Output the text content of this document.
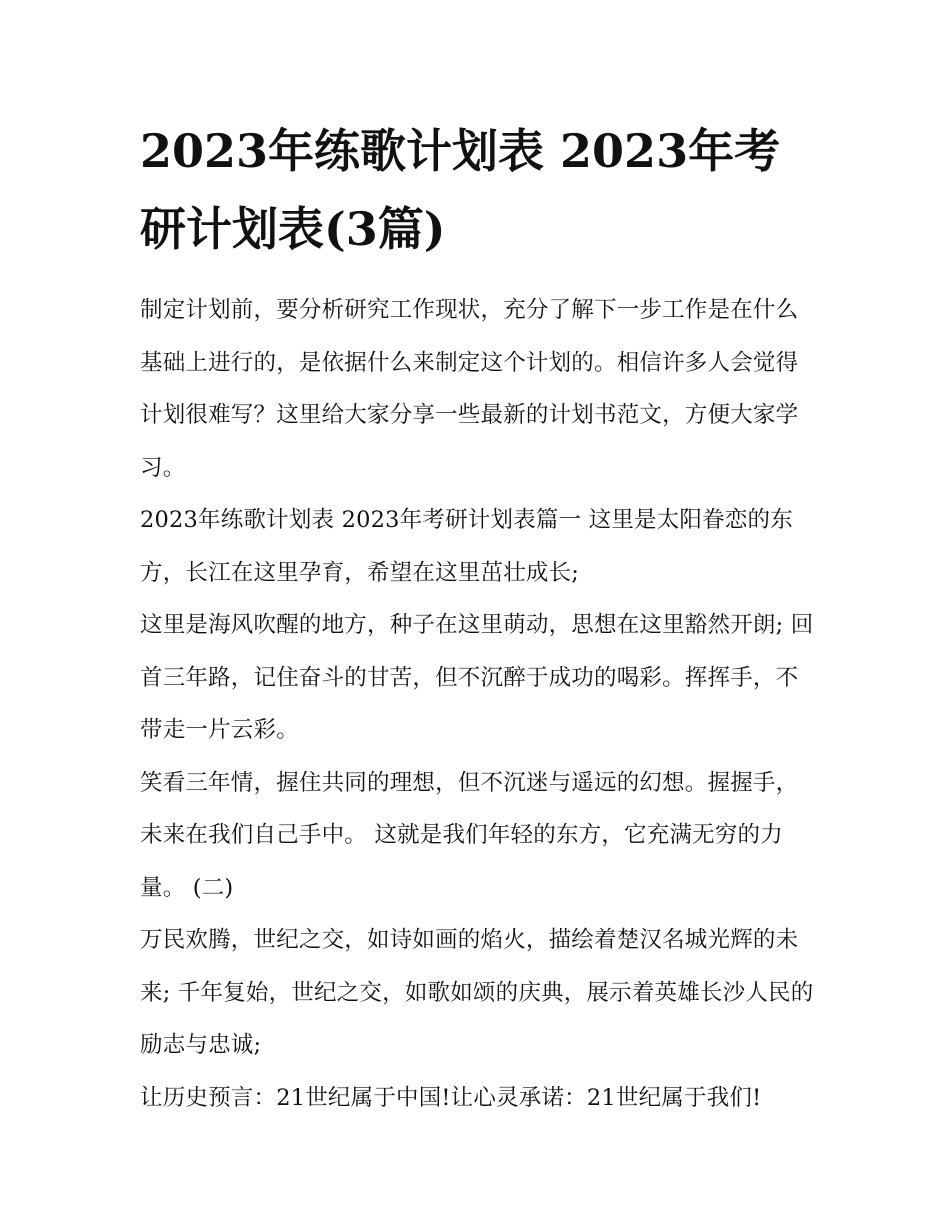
2023年练歌计划表 2023年考研计划表(3篇)

制定计划前，要分析研究工作现状，充分了解下一步工作是在什么基础上进行的，是依据什么来制定这个计划的。相信许多人会觉得计划很难写？这里给大家分享一些最新的计划书范文，方便大家学习。

2023年练歌计划表 2023年考研计划表篇一 这里是太阳眷恋的东方，长江在这里孕育，希望在这里茁壮成长;

这里是海风吹醒的地方，种子在这里萌动，思想在这里豁然开朗; 回首三年路，记住奋斗的甘苦，但不沉醉于成功的喝彩。挥挥手，不带走一片云彩。

笑看三年情，握住共同的理想，但不沉迷与遥远的幻想。握握手，未来在我们自己手中。 这就是我们年轻的东方，它充满无穷的力量。 (二)

万民欢腾，世纪之交，如诗如画的焰火，描绘着楚汉名城光辉的未来; 千年复始，世纪之交，如歌如颂的庆典，展示着英雄长沙人民的励志与忠诚;

让历史预言：21世纪属于中国!让心灵承诺：21世纪属于我们!
